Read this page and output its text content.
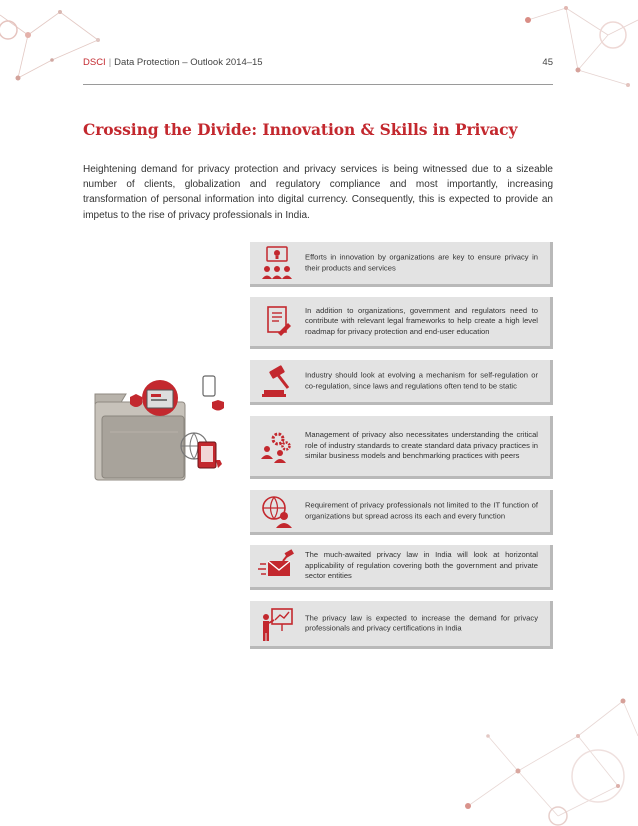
DSCI | Data Protection – Outlook 2014–15	45
Crossing the Divide: Innovation & Skills in Privacy

Heightening demand for privacy protection and privacy services is being witnessed due to a sizeable number of clients, globalization and regulatory compliance and most importantly, increasing transformation of personal information into digital currency. Consequently, this is expected to provide an impetus to the rise of privacy professionals in India.

Efforts in innovation by organizations are key to ensure privacy in their products and services
In addition to organizations, government and regulators need to contribute with relevant legal frameworks to help create a high level roadmap for privacy protection and end-user education
Industry should look at evolving a mechanism for self-regulation or co-regulation, since laws and regulations often tend to be static
Management of privacy also necessitates understanding the critical role of industry standards to create standard data privacy practices in similar business models and benchmarking practices with peers
Requirement of privacy professionals not limited to the IT function of organizations but spread across its each and every function
The much-awaited privacy law in India will look at horizontal applicability of regulation covering both the government and private sector entities
The privacy law is expected to increase the demand for privacy professionals and privacy certifications in India
